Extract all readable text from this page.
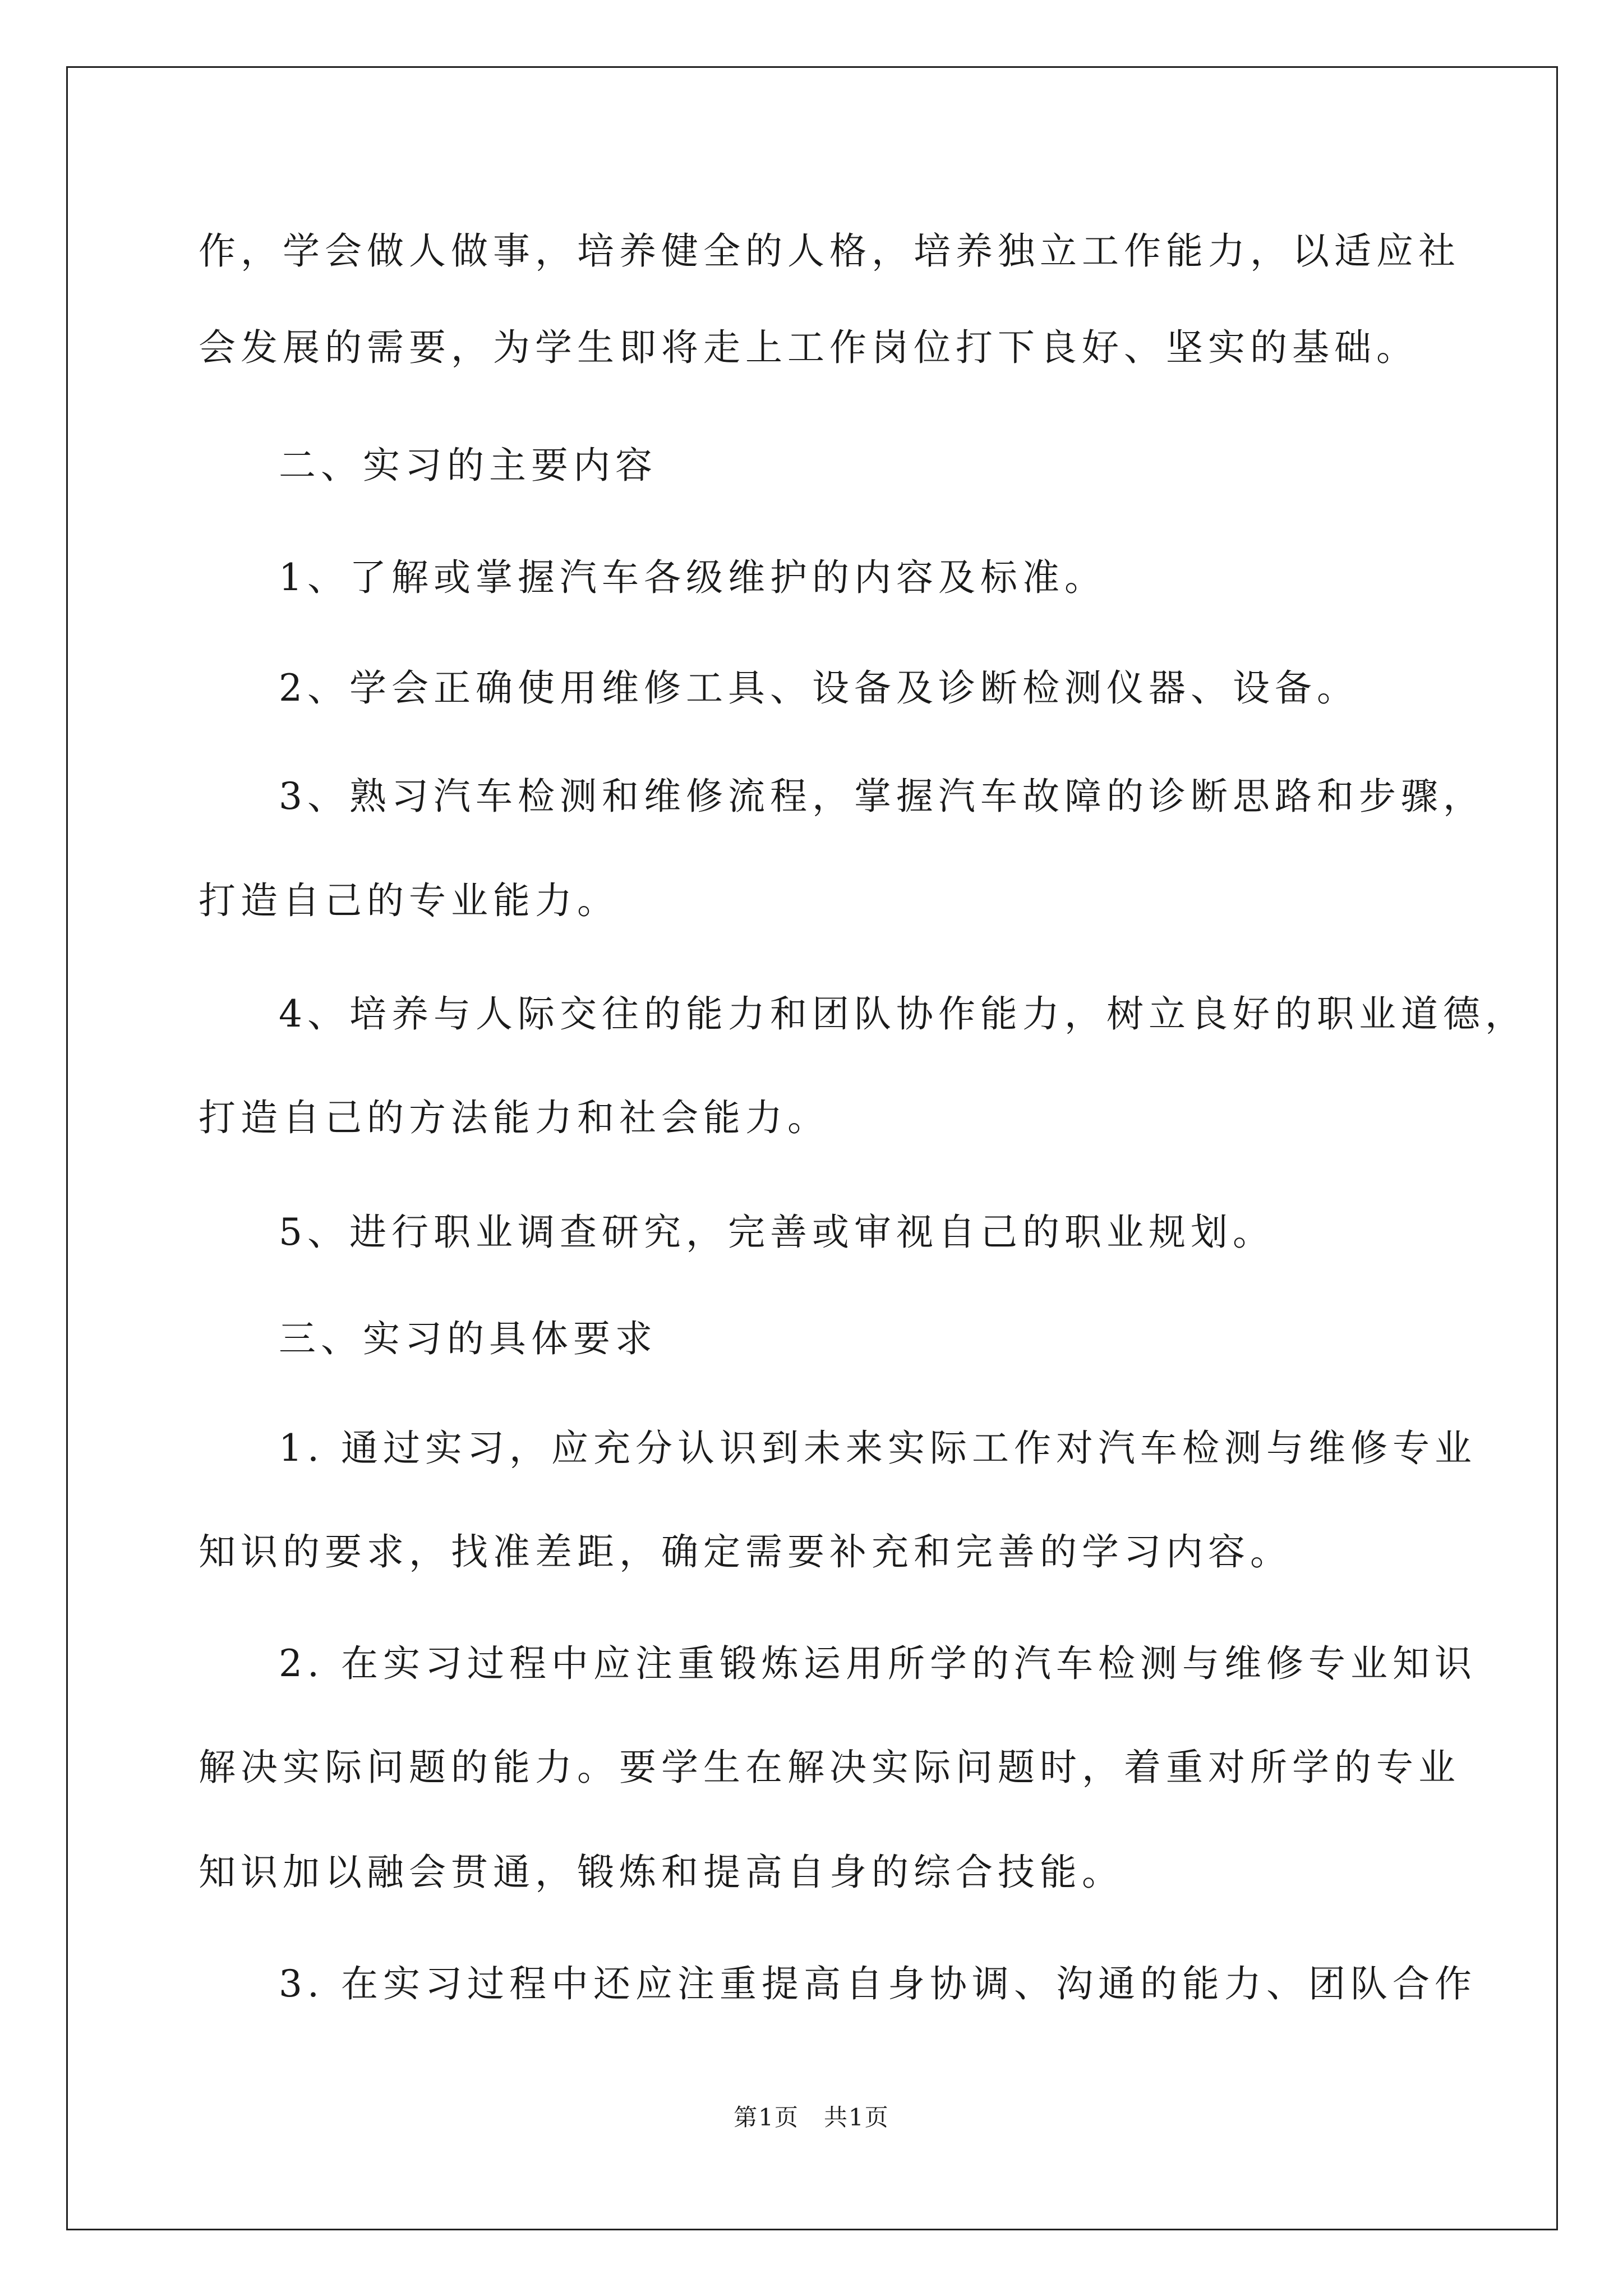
作，学会做人做事，培养健全的人格，培养独立工作能力，以适应社
会发展的需要，为学生即将走上工作岗位打下良好、坚实的基础。
二、实习的主要内容
1、了解或掌握汽车各级维护的内容及标准。
2、学会正确使用维修工具、设备及诊断检测仪器、设备。
3、熟习汽车检测和维修流程，掌握汽车故障的诊断思路和步骤，
打造自己的专业能力。
4、培养与人际交往的能力和团队协作能力，树立良好的职业道德，
打造自己的方法能力和社会能力。
5、进行职业调查研究，完善或审视自己的职业规划。
三、实习的具体要求
1. 通过实习，应充分认识到未来实际工作对汽车检测与维修专业
知识的要求，找准差距，确定需要补充和完善的学习内容。
2. 在实习过程中应注重锻炼运用所学的汽车检测与维修专业知识
解决实际问题的能力。要学生在解决实际问题时，着重对所学的专业
知识加以融会贯通，锻炼和提高自身的综合技能。
3. 在实习过程中还应注重提高自身协调、沟通的能力、团队合作
第1页　共1页
